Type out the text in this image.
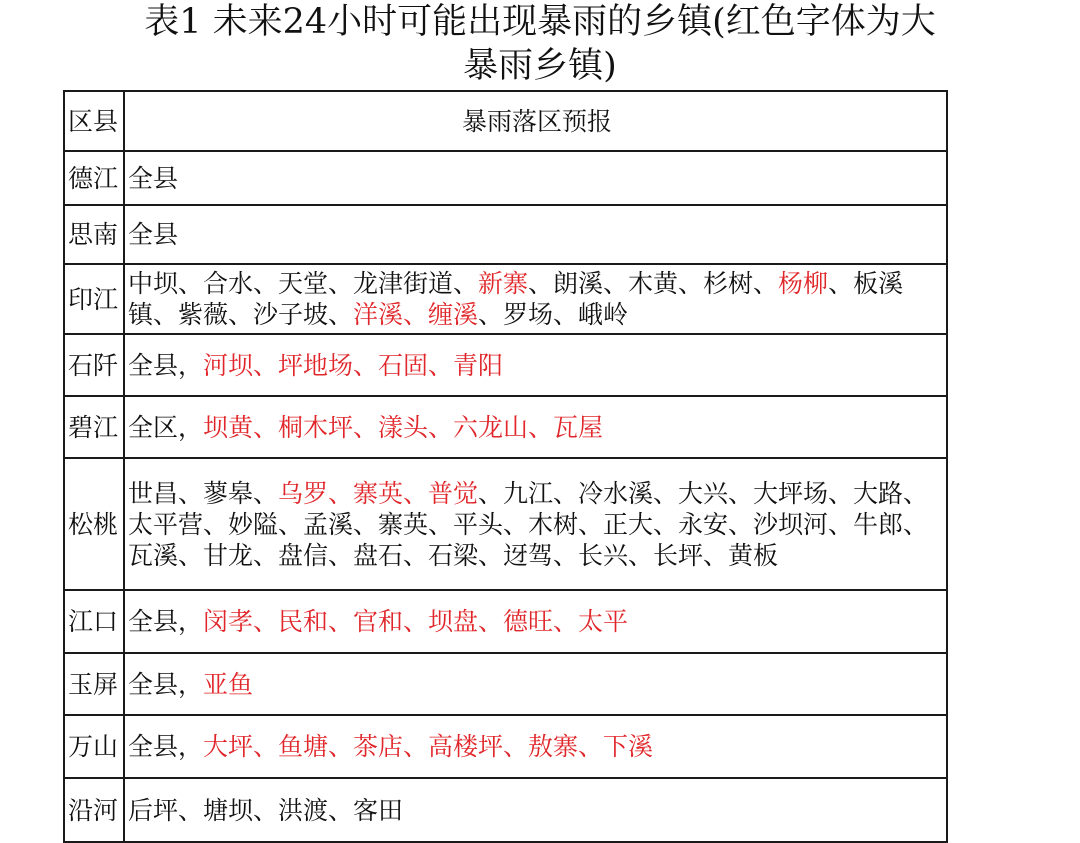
表1 未来24小时可能出现暴雨的乡镇(红色字体为大
暴雨乡镇)
区县	暴雨落区预报
德江	全县
思南	全县
印江	中坝、合水、天堂、龙津街道、新寨、朗溪、木黄、杉树、杨柳、板溪镇、紫薇、沙子坡、洋溪、缠溪、罗场、峨岭
石阡	全县，河坝、坪地场、石固、青阳
碧江	全区，坝黄、桐木坪、漾头、六龙山、瓦屋
松桃	世昌、蓼皋、乌罗、寨英、普觉、九江、冷水溪、大兴、大坪场、大路、太平营、妙隘、孟溪、寨英、平头、木树、正大、永安、沙坝河、牛郎、瓦溪、甘龙、盘信、盘石、石梁、迓驾、长兴、长坪、黄板
江口	全县，闵孝、民和、官和、坝盘、德旺、太平
玉屏	全县，亚鱼
万山	全县，大坪、鱼塘、茶店、高楼坪、敖寨、下溪
沿河	后坪、塘坝、洪渡、客田
